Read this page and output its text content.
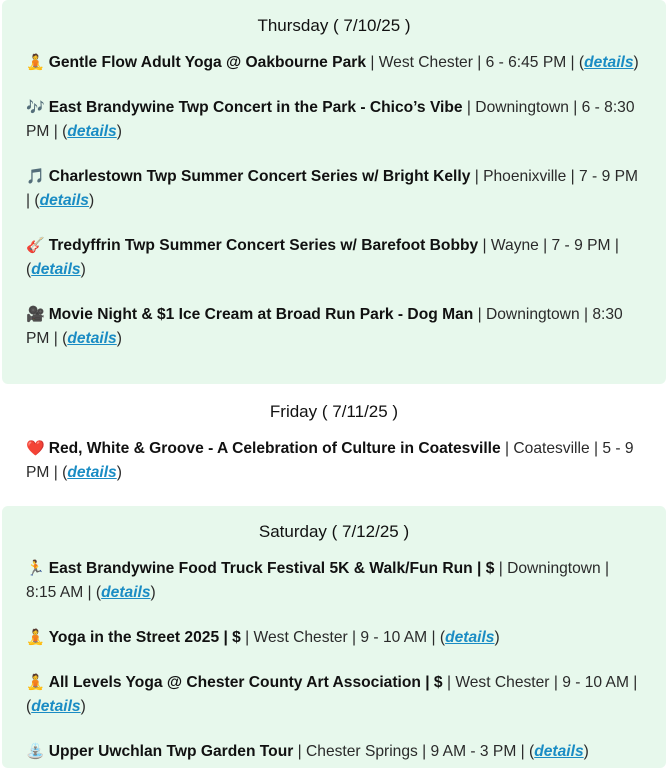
Thursday ( 7/10/25 )
🧘 Gentle Flow Adult Yoga @ Oakbourne Park | West Chester | 6 - 6:45 PM | (details)
🎶 East Brandywine Twp Concert in the Park - Chico’s Vibe | Downingtown | 6 - 8:30 PM | (details)
🎵 Charlestown Twp Summer Concert Series w/ Bright Kelly | Phoenixville | 7 - 9 PM | (details)
🎸 Tredyffrin Twp Summer Concert Series w/ Barefoot Bobby | Wayne | 7 - 9 PM | (details)
🎥 Movie Night & $1 Ice Cream at Broad Run Park - Dog Man | Downingtown | 8:30 PM | (details)
Friday ( 7/11/25 )
❤️ Red, White & Groove - A Celebration of Culture in Coatesville | Coatesville | 5 - 9 PM | (details)
Saturday ( 7/12/25 )
🏃 East Brandywine Food Truck Festival 5K & Walk/Fun Run | $ | Downingtown | 8:15 AM | (details)
🧘 Yoga in the Street 2025 | $ | West Chester | 9 - 10 AM | (details)
🧘 All Levels Yoga @ Chester County Art Association | $ | West Chester | 9 - 10 AM | (details)
⛲ Upper Uwchlan Twp Garden Tour | Chester Springs | 9 AM - 3 PM | (details)
